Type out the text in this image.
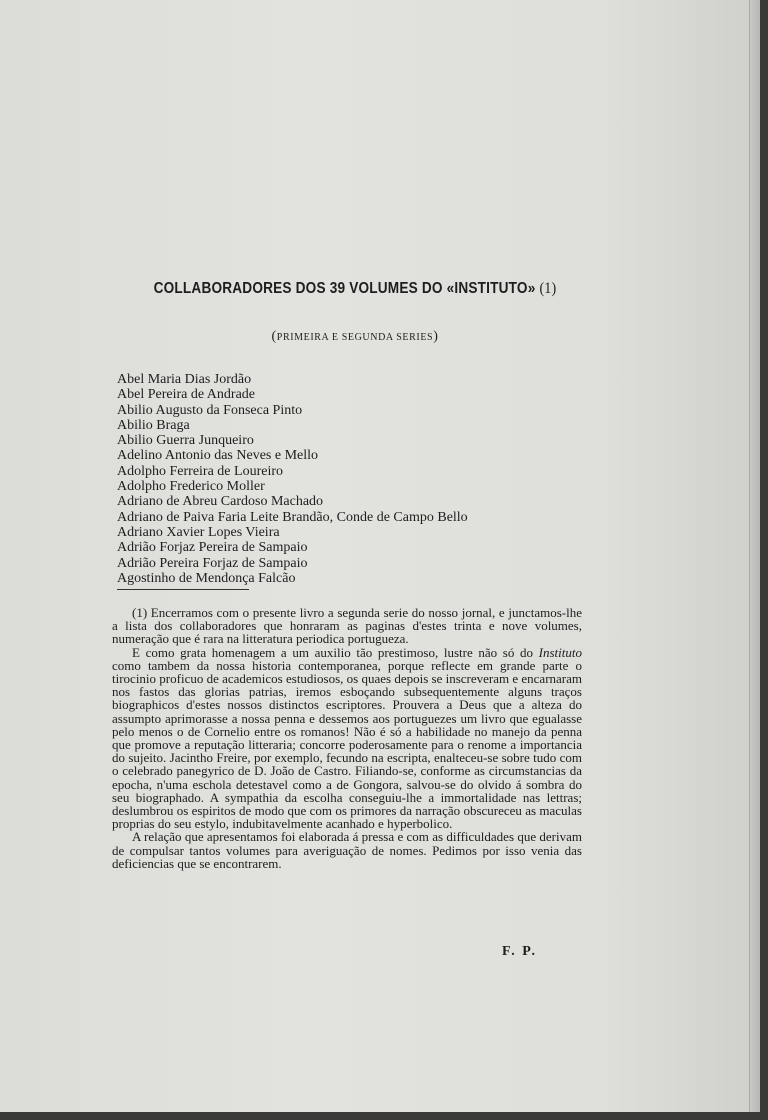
COLLABORADORES DOS 39 VOLUMES DO «INSTITUTO» (1)
(PRIMEIRA E SEGUNDA SERIES)
Abel Maria Dias Jordão
Abel Pereira de Andrade
Abilio Augusto da Fonseca Pinto
Abilio Braga
Abilio Guerra Junqueiro
Adelino Antonio das Neves e Mello
Adolpho Ferreira de Loureiro
Adolpho Frederico Moller
Adriano de Abreu Cardoso Machado
Adriano de Paiva Faria Leite Brandão, Conde de Campo Bello
Adriano Xavier Lopes Vieira
Adrião Forjaz Pereira de Sampaio
Adrião Pereira Forjaz de Sampaio
Agostinho de Mendonça Falcão

(1) Encerramos com o presente livro a segunda serie do nosso jornal, e junctamos-lhe a lista dos collaboradores que honraram as paginas d'estes trinta e nove volumes, numeração que é rara na litteratura periodica portugueza.

E como grata homenagem a um auxilio tão prestimoso, lustre não só do Instituto como tambem da nossa historia contemporanea, porque reflecte em grande parte o tirocinio proficuo de academicos estudiosos, os quaes depois se inscreveram e encarnaram nos fastos das glorias patrias, iremos esboçando subsequentemente alguns traços biographicos d'estes nossos distinctos escriptores. Prouvera a Deus que a alteza do assumpto aprimorasse a nossa penna e dessemos aos portuguezes um livro que egualasse pelo menos o de Cornelio entre os romanos! Não é só a habilidade no manejo da penna que promove a reputação litteraria; concorre poderosamente para o renome a importancia do sujeito. Jacintho Freire, por exemplo, fecundo na escripta, enalteceu-se sobre tudo com o celebrado panegyrico de D. João de Castro. Filiando-se, conforme as circumstancias da epocha, n'uma eschola detestavel como a de Gongora, salvou-se do olvido á sombra do seu biographado. A sympathia da escolha conseguiu-lhe a immortalidade nas lettras; deslumbrou os espiritos de modo que com os primores da narração obscureceu as maculas proprias do seu estylo, indubitavelmente acanhado e hyperbolico.

A relação que apresentamos foi elaborada á pressa e com as difficuldades que derivam de compulsar tantos volumes para averiguação de nomes. Pedimos por isso venia das deficiencias que se encontrarem.

F. P.
